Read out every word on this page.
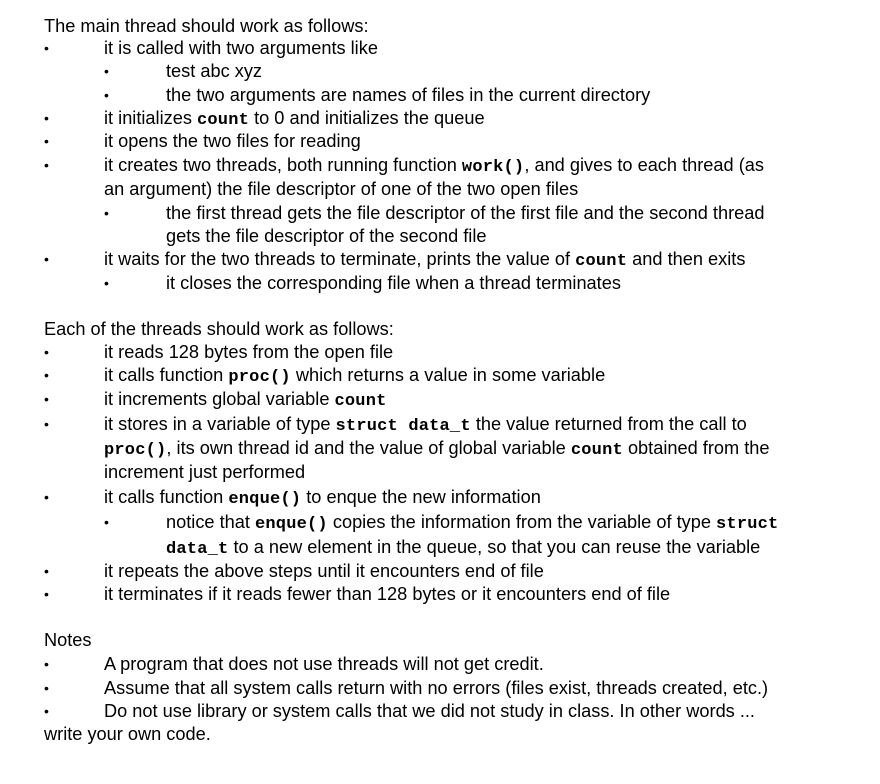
The main thread should work as follows:
•	it is called with two arguments like
•	test abc xyz
•	the two arguments are names of files in the current directory
•	it initializes count to 0 and initializes the queue
•	it opens the two files for reading
•	it creates two threads, both running function work(), and gives to each thread (as
an argument) the file descriptor of one of the two open files
•	the first thread gets the file descriptor of the first file and the second thread
gets the file descriptor of the second file
•	it waits for the two threads to terminate, prints the value of count and then exits
•	it closes the corresponding file when a thread terminates
Each of the threads should work as follows:
•	it reads 128 bytes from the open file
•	it calls function proc() which returns a value in some variable
•	it increments global variable count
•	it stores in a variable of type struct data_t the value returned from the call to
proc(), its own thread id and the value of global variable count obtained from the
increment just performed
•	it calls function enque() to enque the new information
•	notice that enque() copies the information from the variable of type struct
data_t to a new element in the queue, so that you can reuse the variable
•	it repeats the above steps until it encounters end of file
•	it terminates if it reads fewer than 128 bytes or it encounters end of file
Notes
•	A program that does not use threads will not get credit.
•	Assume that all system calls return with no errors (files exist, threads created, etc.)
•	Do not use library or system calls that we did not study in class. In other words ...
write your own code.
